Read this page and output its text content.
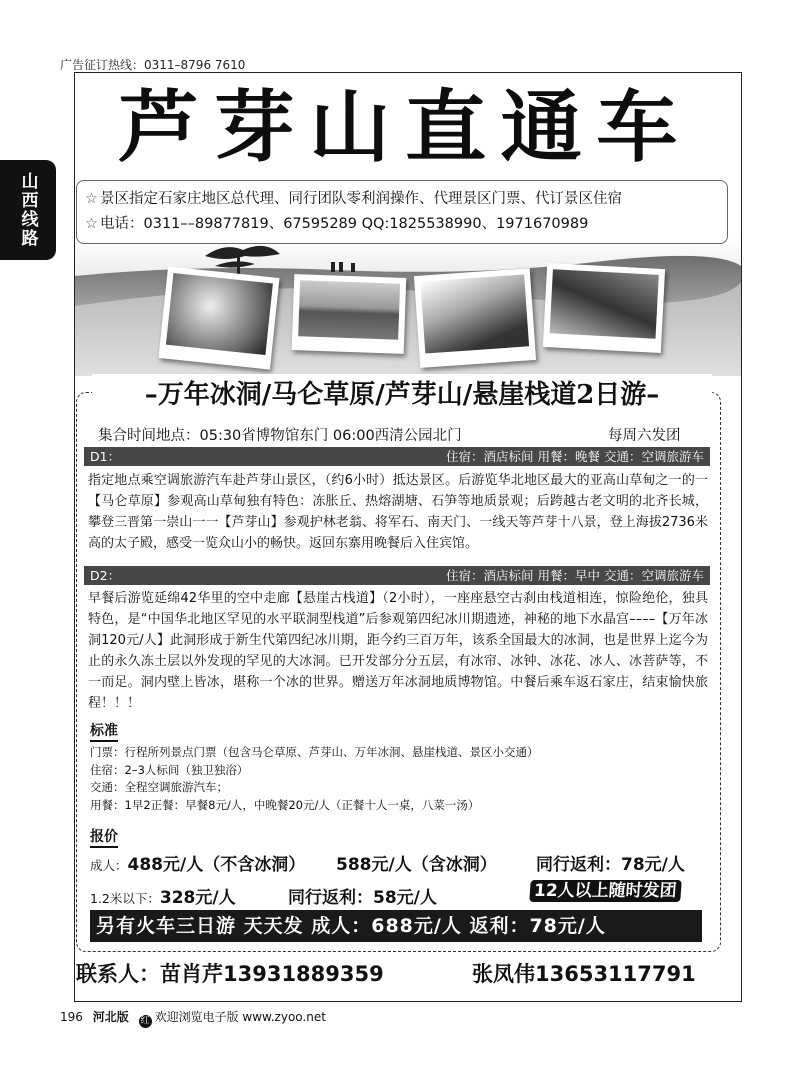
广告征订热线：0311–8796 7610
山西线路
芦芽山直通车
☆ 景区指定石家庄地区总代理、同行团队零利润操作、代理景区门票、代订景区住宿
☆ 电话：0311––89877819、67595289 QQ:1825538990、1971670989
–万年冰洞/马仑草原/芦芽山/悬崖栈道2日游–
集合时间地点：05:30省博物馆东门 06:00西清公园北门	每周六发团
D1：	住宿：酒店标间 用餐：晚餐 交通：空调旅游车
指定地点乘空调旅游汽车赴芦芽山景区，（约6小时）抵达景区。后游览华北地区最大的亚高山草甸之一的一【马仑草原】参观高山草甸独有特色：冻胀丘、热熔湖塘、石笋等地质景观；后跨越古老文明的北齐长城，攀登三晋第一崇山一一【芦芽山】参观护林老翁、将军石、南天门、一线天等芦芽十八景，登上海拔2736米高的太子殿，感受一览众山小的畅快。返回东寨用晚餐后入住宾馆。
D2：	住宿：酒店标间 用餐：早中 交通：空调旅游车
早餐后游览延绵42华里的空中走廊【悬崖古栈道】（2小时），一座座悬空古刹由栈道相连，惊险绝伦，独具特色，是“中国华北地区罕见的水平联洞型栈道”后参观第四纪冰川期遗迹，神秘的地下水晶宫––––【万年冰洞120元/人】此洞形成于新生代第四纪冰川期，距今约三百万年，该系全国最大的冰洞，也是世界上迄今为止的永久冻土层以外发现的罕见的大冰洞。已开发部分分五层，有冰帘、冰钟、冰花、冰人、冰菩萨等，不一而足。洞内壁上皆冰，堪称一个冰的世界。赠送万年冰洞地质博物馆。中餐后乘车返石家庄，结束愉快旅程！！！
标准
门票：行程所列景点门票（包含马仑草原、芦芽山、万年冰洞、悬崖栈道、景区小交通）
住宿：2–3人标间（独卫独浴）
交通：全程空调旅游汽车；
用餐：1早2正餐：早餐8元/人，中晚餐20元/人（正餐十人一桌，八菜一汤）
报价
成人：488元/人（不含冰洞） 588元/人（含冰洞） 同行返利：78元/人
1.2米以下：328元/人	同行返利：58元/人	12人以上随时发团
另有火车三日游 天天发 成人：688元/人 返利：78元/人
联系人：苗肖芹13931889359	张凤伟13653117791
196 河北版 红 欢迎浏览电子版 www.zyoo.net
